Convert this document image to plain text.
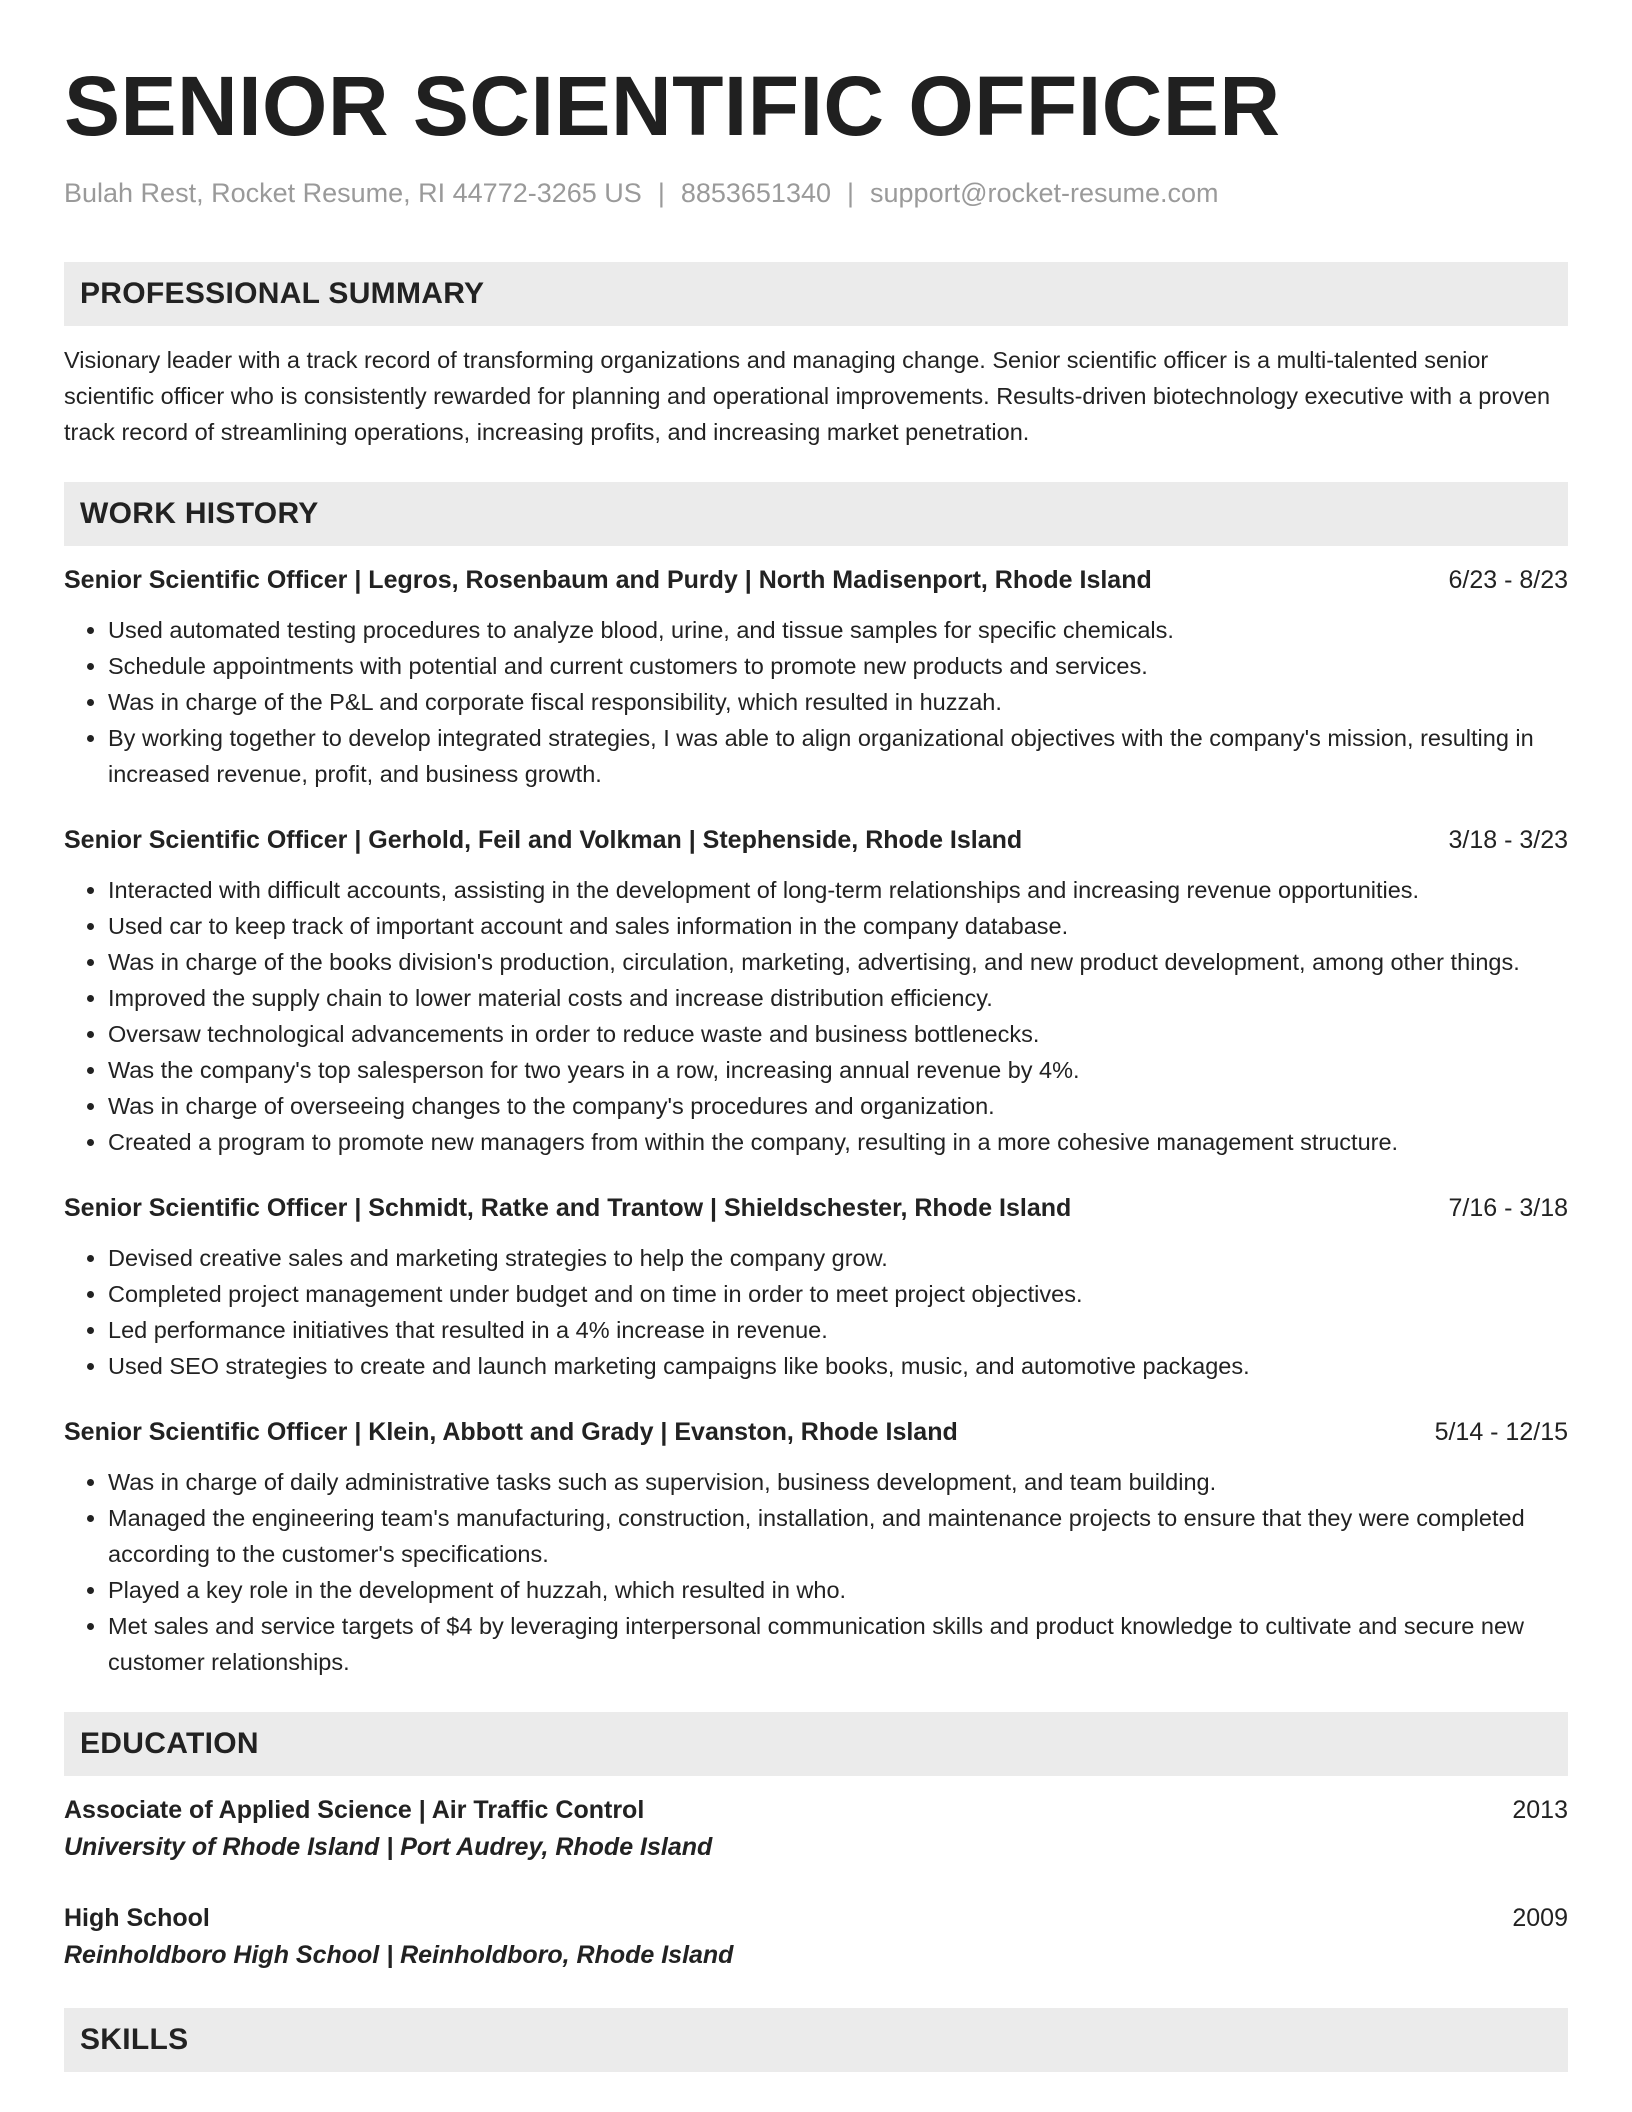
SENIOR SCIENTIFIC OFFICER
Bulah Rest, Rocket Resume, RI 44772-3265 US | 8853651340 | support@rocket-resume.com
PROFESSIONAL SUMMARY

Visionary leader with a track record of transforming organizations and managing change. Senior scientific officer is a multi-talented senior scientific officer who is consistently rewarded for planning and operational improvements. Results-driven biotechnology executive with a proven track record of streamlining operations, increasing profits, and increasing market penetration.

WORK HISTORY
Senior Scientific Officer | Legros, Rosenbaum and Purdy | North Madisenport, Rhode Island	6/23 - 8/23
• Used automated testing procedures to analyze blood, urine, and tissue samples for specific chemicals.
• Schedule appointments with potential and current customers to promote new products and services.
• Was in charge of the P&L and corporate fiscal responsibility, which resulted in huzzah.
• By working together to develop integrated strategies, I was able to align organizational objectives with the company's mission, resulting in increased revenue, profit, and business growth.
Senior Scientific Officer | Gerhold, Feil and Volkman | Stephenside, Rhode Island	3/18 - 3/23
• Interacted with difficult accounts, assisting in the development of long-term relationships and increasing revenue opportunities.
• Used car to keep track of important account and sales information in the company database.
• Was in charge of the books division's production, circulation, marketing, advertising, and new product development, among other things.
• Improved the supply chain to lower material costs and increase distribution efficiency.
• Oversaw technological advancements in order to reduce waste and business bottlenecks.
• Was the company's top salesperson for two years in a row, increasing annual revenue by 4%.
• Was in charge of overseeing changes to the company's procedures and organization.
• Created a program to promote new managers from within the company, resulting in a more cohesive management structure.
Senior Scientific Officer | Schmidt, Ratke and Trantow | Shieldschester, Rhode Island	7/16 - 3/18
• Devised creative sales and marketing strategies to help the company grow.
• Completed project management under budget and on time in order to meet project objectives.
• Led performance initiatives that resulted in a 4% increase in revenue.
• Used SEO strategies to create and launch marketing campaigns like books, music, and automotive packages.
Senior Scientific Officer | Klein, Abbott and Grady | Evanston, Rhode Island	5/14 - 12/15
• Was in charge of daily administrative tasks such as supervision, business development, and team building.
• Managed the engineering team's manufacturing, construction, installation, and maintenance projects to ensure that they were completed according to the customer's specifications.
• Played a key role in the development of huzzah, which resulted in who.
• Met sales and service targets of $4 by leveraging interpersonal communication skills and product knowledge to cultivate and secure new customer relationships.
EDUCATION
Associate of Applied Science | Air Traffic Control	2013
University of Rhode Island | Port Audrey, Rhode Island
High School	2009
Reinholdboro High School | Reinholdboro, Rhode Island
SKILLS
